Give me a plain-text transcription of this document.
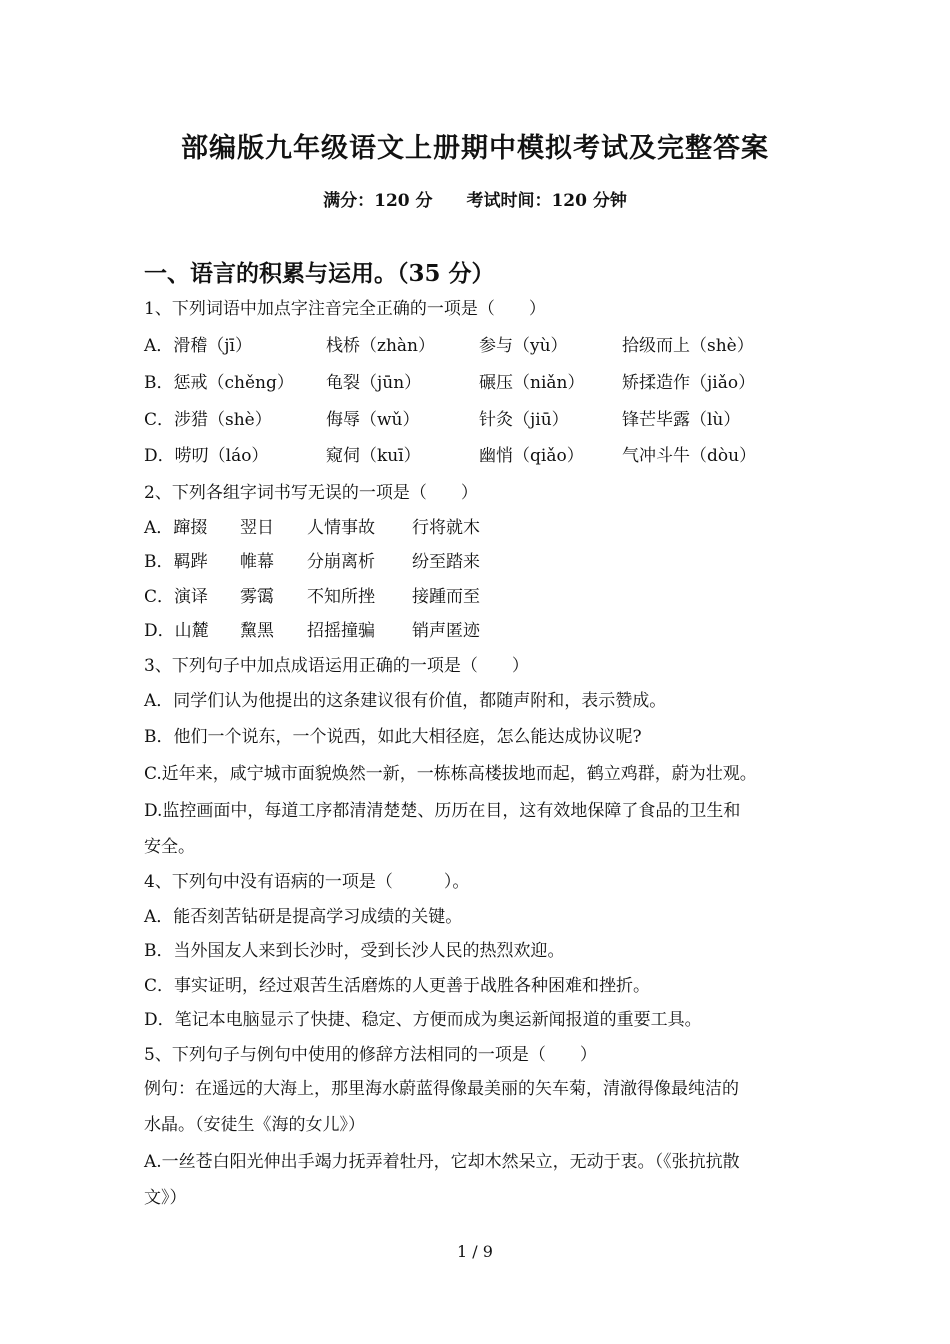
部编版九年级语文上册期中模拟考试及完整答案
满分：120 分 考试时间：120 分钟
一、语言的积累与运用。（35 分）
1、下列词语中加点字注音完全正确的一项是（　　）
A．滑稽（jī）	栈桥（zhàn）	参与（yù）	拾级而上（shè）
B．惩戒（chěng） 龟裂（jūn）	碾压（niǎn） 矫揉造作（jiǎo）
C．涉猎（shè）	侮辱（wǔ）	针灸（jiū）	锋芒毕露（lù）
D．唠叨（láo）	窥伺（kuī）	幽悄（qiǎo） 气冲斗牛（dòu）
2、下列各组字词书写无误的一项是（　　）
A．蹿掇 翌日 人情事故 行将就木
B．羁跸 帷幕 分崩离析 纷至踏来
C．演译 雾霭 不知所挫 接踵而至
D．山麓 黧黑 招摇撞骗 销声匿迹
3、下列句子中加点成语运用正确的一项是（　　）
A．同学们认为他提出的这条建议很有价值，都随声附和，表示赞成。
B．他们一个说东，一个说西，如此大相径庭，怎么能达成协议呢?
C.近年来，咸宁城市面貌焕然一新，一栋栋高楼拔地而起，鹤立鸡群，蔚为壮观。
D.监控画面中，每道工序都清清楚楚、历历在目，这有效地保障了食品的卫生和
安全。
4、下列句中没有语病的一项是（　　　）。
A．能否刻苦钻研是提高学习成绩的关键。
B．当外国友人来到长沙时，受到长沙人民的热烈欢迎。
C．事实证明，经过艰苦生活磨炼的人更善于战胜各种困难和挫折。
D．笔记本电脑显示了快捷、稳定、方便而成为奥运新闻报道的重要工具。
5、下列句子与例句中使用的修辞方法相同的一项是（　　）
例句：在遥远的大海上，那里海水蔚蓝得像最美丽的矢车菊，清澈得像最纯洁的
水晶。（安徒生《海的女儿》）
A.一丝苍白阳光伸出手竭力抚弄着牡丹，它却木然呆立，无动于衷。（《张抗抗散
文》）
1 / 9
